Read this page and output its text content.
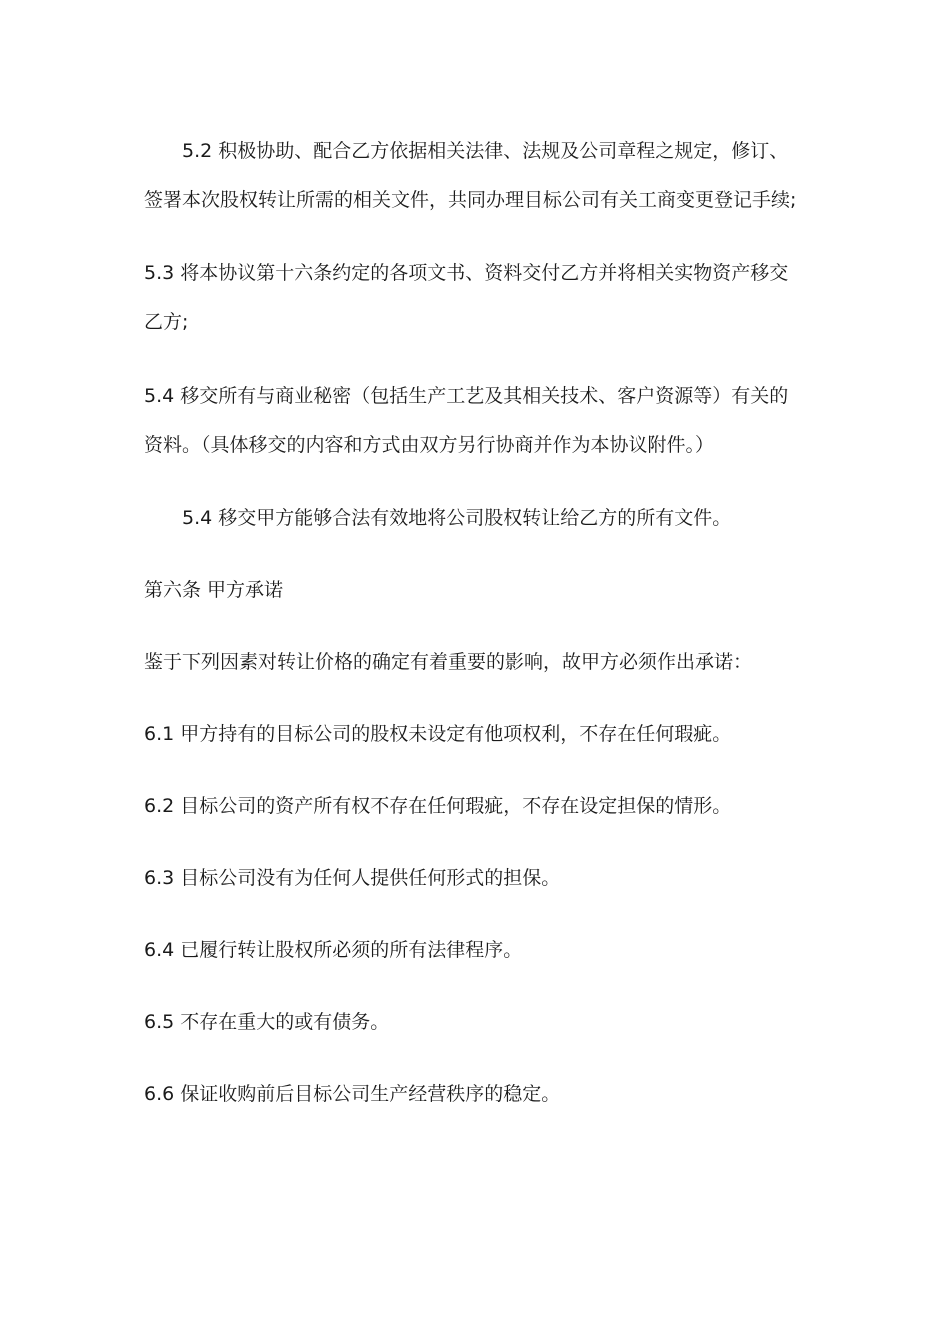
5.2 积极协助、配合乙方依据相关法律、法规及公司章程之规定，修订、
签署本次股权转让所需的相关文件，共同办理目标公司有关工商变更登记手续;

5.3 将本协议第十六条约定的各项文书、资料交付乙方并将相关实物资产移交
乙方;

5.4 移交所有与商业秘密（包括生产工艺及其相关技术、客户资源等）有关的
资料。（具体移交的内容和方式由双方另行协商并作为本协议附件。）

5.4 移交甲方能够合法有效地将公司股权转让给乙方的所有文件。

第六条 甲方承诺

鉴于下列因素对转让价格的确定有着重要的影响，故甲方必须作出承诺：

6.1 甲方持有的目标公司的股权未设定有他项权利，不存在任何瑕疵。

6.2 目标公司的资产所有权不存在任何瑕疵，不存在设定担保的情形。

6.3 目标公司没有为任何人提供任何形式的担保。

6.4 已履行转让股权所必须的所有法律程序。

6.5 不存在重大的或有债务。

6.6 保证收购前后目标公司生产经营秩序的稳定。
